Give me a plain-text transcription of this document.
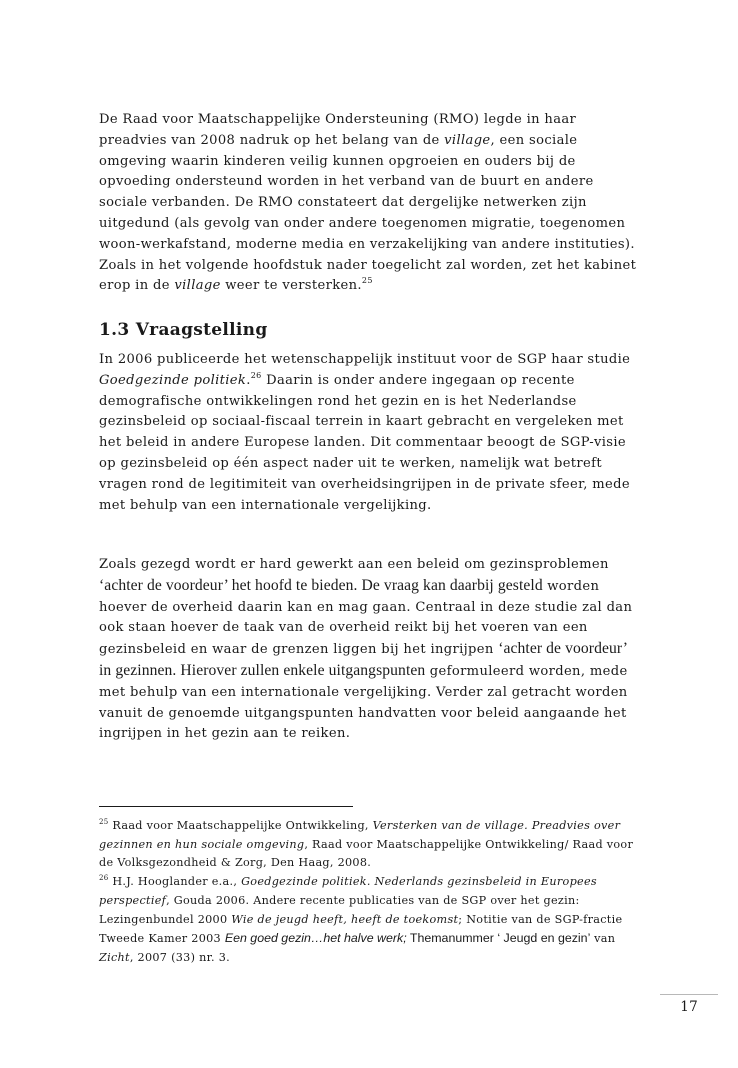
De Raad voor Maatschappelijke Ondersteuning (RMO) legde in haar preadvies van 2008 nadruk op het belang van de village, een sociale omgeving waarin kinderen veilig kunnen opgroeien en ouders bij de opvoeding ondersteund worden in het verband van de buurt en andere sociale verbanden. De RMO constateert dat dergelijke netwerken zijn uitgedund (als gevolg van onder andere toegenomen migratie, toegenomen woon-werkafstand, moderne media en verzakelijking van andere instituties). Zoals in het volgende hoofdstuk nader toegelicht zal worden, zet het kabinet erop in de village weer te versterken.$^{25}$

1.3 Vraagstelling

In 2006 publiceerde het wetenschappelijk instituut voor de SGP haar studie Goedgezinde politiek.$^{26}$ Daarin is onder andere ingegaan op recente demografische ontwikkelingen rond het gezin en is het Nederlandse gezinsbeleid op sociaal-fiscaal terrein in kaart gebracht en vergeleken met het beleid in andere Europese landen. Dit commentaar beoogt de SGP-visie op gezinsbeleid op één aspect nader uit te werken, namelijk wat betreft vragen rond de legitimiteit van overheidsingrijpen in de private sfeer, mede met behulp van een internationale vergelijking.

Zoals gezegd wordt er hard gewerkt aan een beleid om gezinsproblemen ‘achter de voordeur’ het hoofd te bieden. De vraag kan daarbij gesteld worden hoever de overheid daarin kan en mag gaan. Centraal in deze studie zal dan ook staan hoever de taak van de overheid reikt bij het voeren van een gezinsbeleid en waar de grenzen liggen bij het ingrijpen ‘achter de voordeur’ in gezinnen. Hierover zullen enkele uitgangspunten geformuleerd worden, mede met behulp van een internationale vergelijking. Verder zal getracht worden vanuit de genoemde uitgangspunten handvatten voor beleid aangaande het ingrijpen in het gezin aan te reiken.

$^{25}$ Raad voor Maatschappelijke Ontwikkeling, Versterken van de village. Preadvies over gezinnen en hun sociale omgeving, Raad voor Maatschappelijke Ontwikkeling/ Raad voor de Volksgezondheid & Zorg, Den Haag, 2008.

$^{26}$ H.J. Hooglander e.a., Goedgezinde politiek. Nederlands gezinsbeleid in Europees perspectief, Gouda 2006. Andere recente publicaties van de SGP over het gezin: Lezingenbundel 2000 Wie de jeugd heeft, heeft de toekomst; Notitie van de SGP-fractie Tweede Kamer 2003 Een goed gezin…het halve werk; Themanummer ‘ Jeugd en gezin’ van Zicht, 2007 (33) nr. 3.

17
